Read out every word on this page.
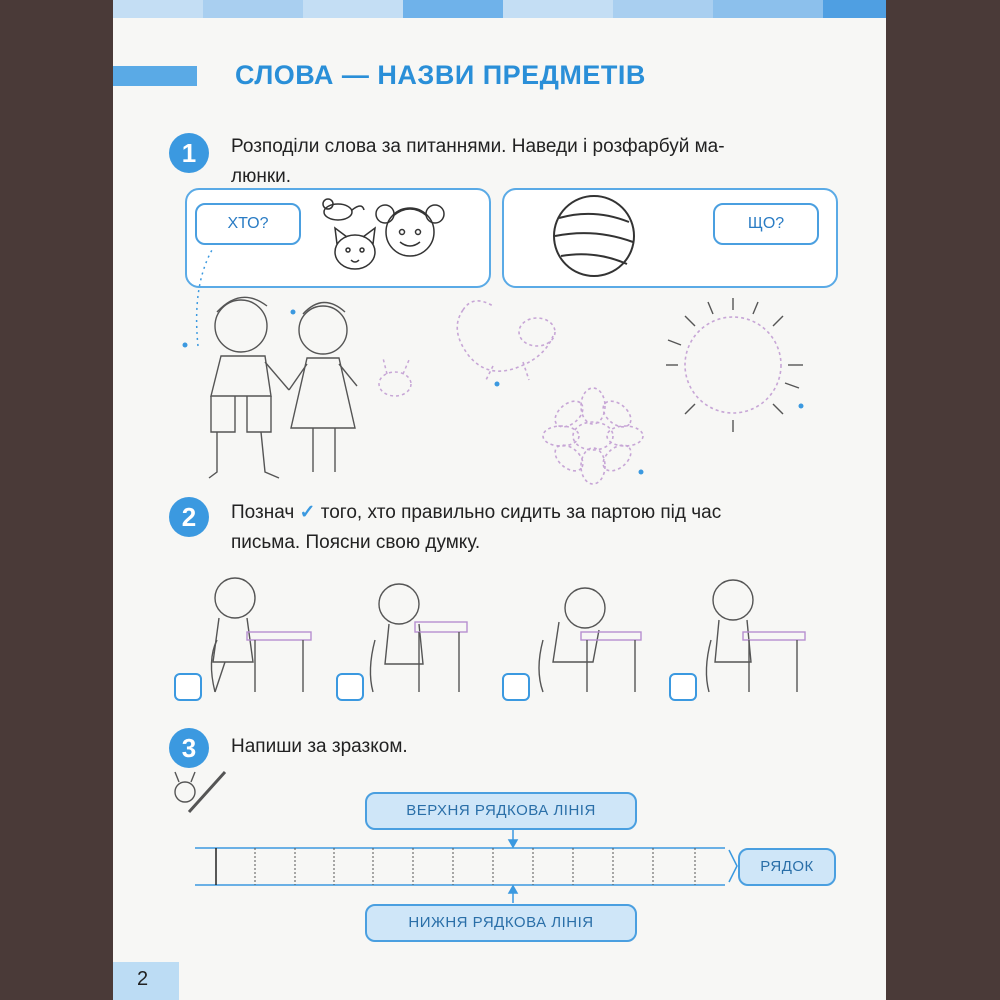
СЛОВА — НАЗВИ ПРЕДМЕТІВ
1	Розподіли слова за питаннями. Наведи і розфарбуй ма-
люнки.
ХТО?	ЩО?
2	Познач ✓ того, хто правильно сидить за партою під час
письма. Поясни свою думку.
3	Напиши за зразком.
ВЕРХНЯ РЯДКОВА ЛІНІЯ
НИЖНЯ РЯДКОВА ЛІНІЯ
РЯДОК
2
